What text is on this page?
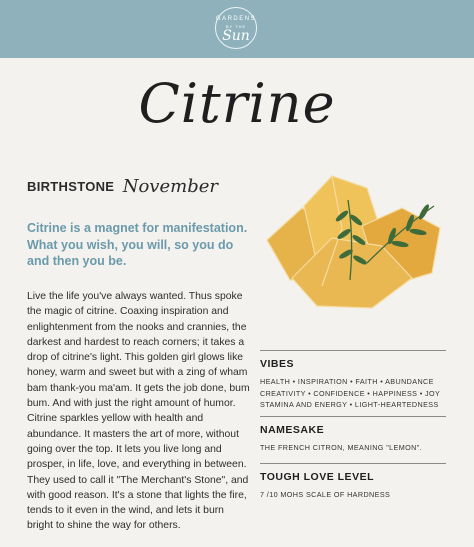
GARDENS
BY THE
Sun
Citrine
BIRTHSTONE November
Citrine is a magnet for manifestation. What you wish, you will, so you do and then you be.

Live the life you've always wanted. Thus spoke the magic of citrine. Coaxing inspiration and enlightenment from the nooks and crannies, the darkest and hardest to reach corners; it takes a drop of citrine's light. This golden girl glows like honey, warm and sweet but with a zing of wham bam thank-you ma'am. It gets the job done, bum bum. And with just the right amount of humor. Citrine sparkles yellow with health and abundance. It masters the art of more, without going over the top. It lets you live long and prosper, in life, love, and everything in between. They used to call it "The Merchant's Stone", and with good reason. It's a stone that lights the fire, tends to it even in the wind, and lets it burn bright to shine the way for others.

VIBES

HEALTH • INSPIRATION • FAITH • ABUNDANCE CREATIVITY • CONFIDENCE • HAPPINESS • JOY STAMINA AND ENERGY • LIGHT-HEARTEDNESS

NAMESAKE

THE FRENCH CITRON, MEANING "LEMON".

TOUGH LOVE LEVEL

7 /10 MOHS SCALE OF HARDNESS
